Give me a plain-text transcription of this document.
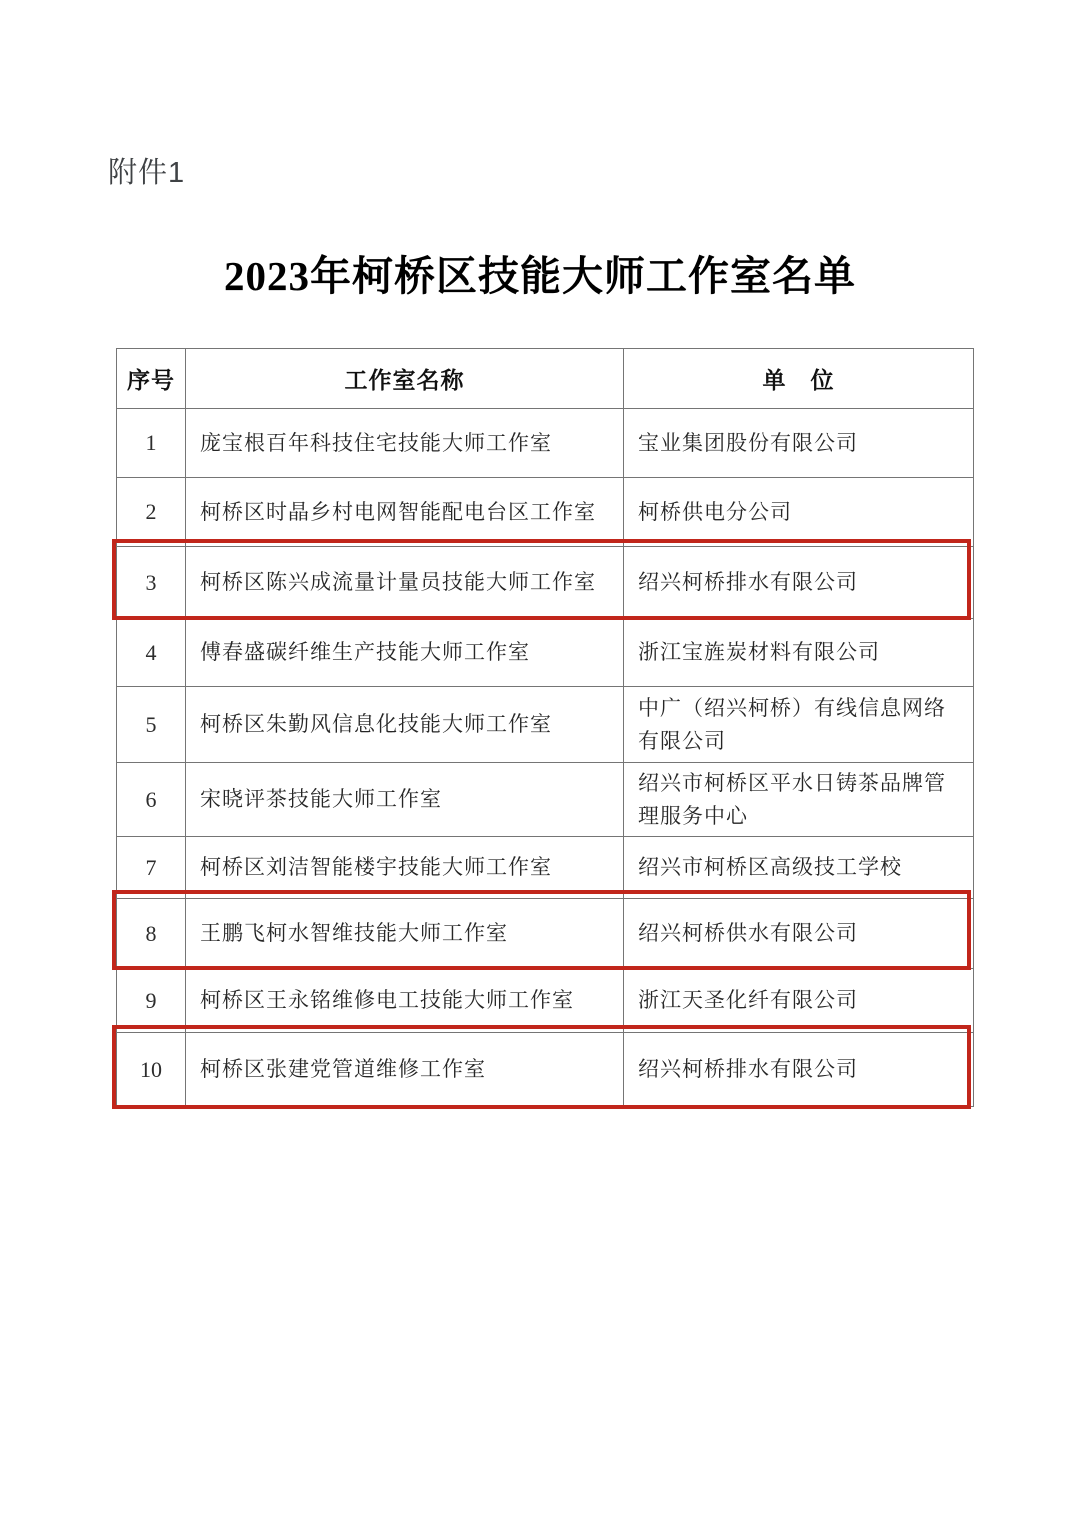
附件1
2023年柯桥区技能大师工作室名单
序号	工作室名称	单　位
1	庞宝根百年科技住宅技能大师工作室	宝业集团股份有限公司
2	柯桥区时晶乡村电网智能配电台区工作室	柯桥供电分公司
3	柯桥区陈兴成流量计量员技能大师工作室	绍兴柯桥排水有限公司
4	傅春盛碳纤维生产技能大师工作室	浙江宝旌炭材料有限公司
5	柯桥区朱勤风信息化技能大师工作室	中广（绍兴柯桥）有线信息网络有限公司
6	宋晓评茶技能大师工作室	绍兴市柯桥区平水日铸茶品牌管理服务中心
7	柯桥区刘洁智能楼宇技能大师工作室	绍兴市柯桥区高级技工学校
8	王鹏飞柯水智维技能大师工作室	绍兴柯桥供水有限公司
9	柯桥区王永铭维修电工技能大师工作室	浙江天圣化纤有限公司
10	柯桥区张建党管道维修工作室	绍兴柯桥排水有限公司
